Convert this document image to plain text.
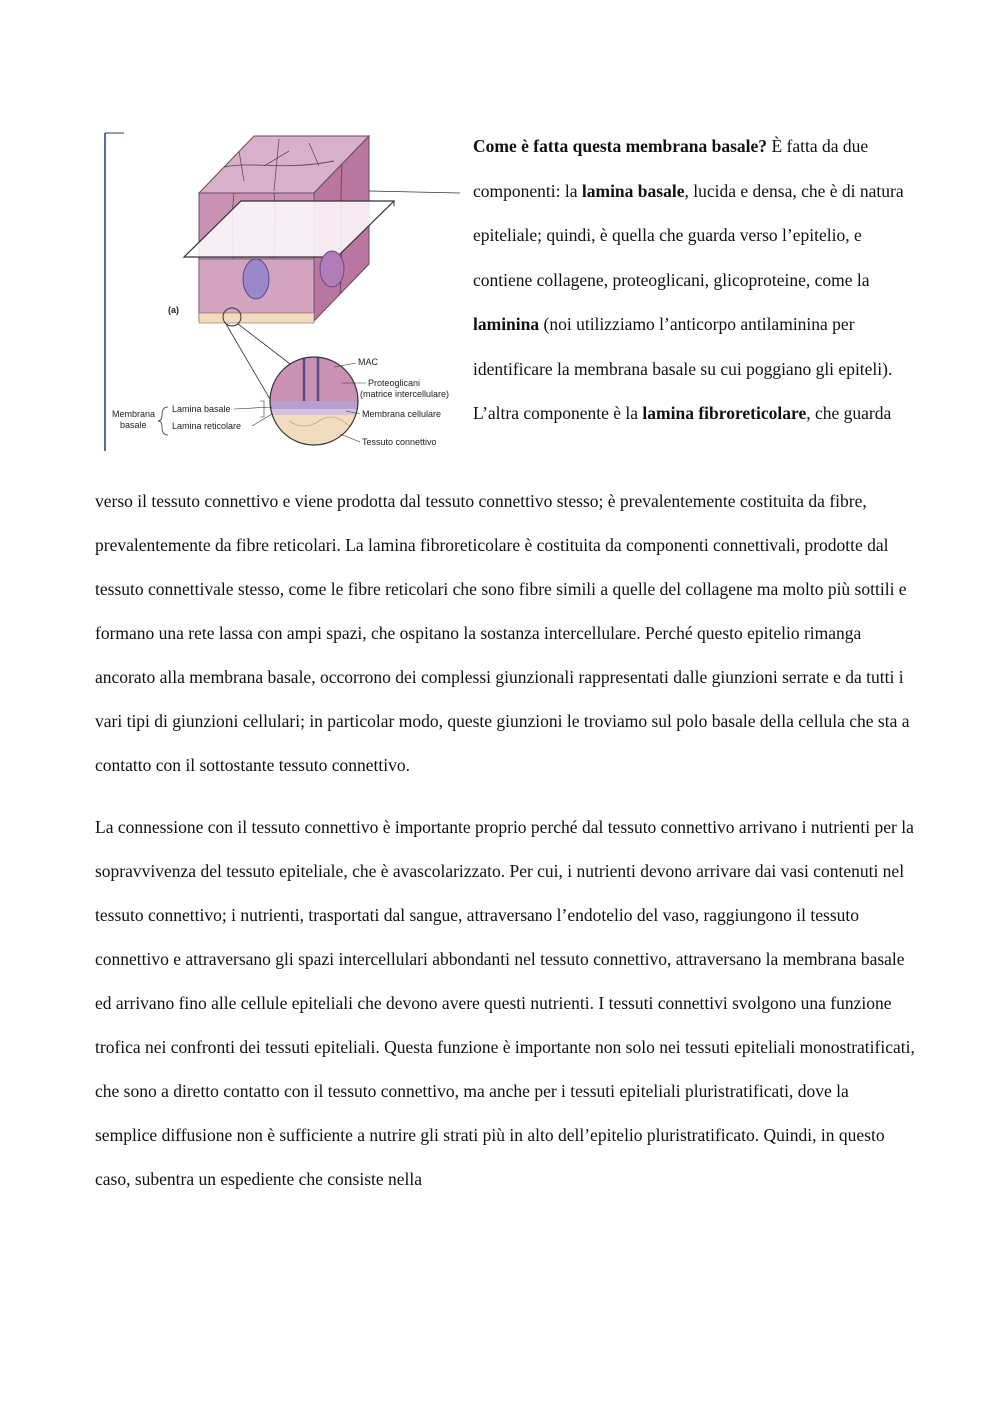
(a)
MAC
Proteoglicani
(matrice intercellulare)
Membrana cellulare
Tessuto connettivo
Membrana
basale
Lamina basale
Lamina reticolare

Come è fatta questa membrana basale? È fatta da due componenti: la lamina basale, lucida e densa, che è di natura epiteliale; quindi, è quella che guarda verso l’epitelio, e contiene collagene, proteoglicani, glicoproteine, come la laminina (noi utilizziamo l’anticorpo antilaminina per identificare la membrana basale su cui poggiano gli epiteli). L’altra componente è la lamina fibroreticolare, che guarda

verso il tessuto connettivo e viene prodotta dal tessuto connettivo stesso; è prevalentemente costituita da fibre, prevalentemente da fibre reticolari. La lamina fibroreticolare è costituita da componenti connettivali, prodotte dal tessuto connettivale stesso, come le fibre reticolari che sono fibre simili a quelle del collagene ma molto più sottili e formano una rete lassa con ampi spazi, che ospitano la sostanza intercellulare. Perché questo epitelio rimanga ancorato alla membrana basale, occorrono dei complessi giunzionali rappresentati dalle giunzioni serrate e da tutti i vari tipi di giunzioni cellulari; in particolar modo, queste giunzioni le troviamo sul polo basale della cellula che sta a contatto con il sottostante tessuto connettivo.

La connessione con il tessuto connettivo è importante proprio perché dal tessuto connettivo arrivano i nutrienti per la sopravvivenza del tessuto epiteliale, che è avascolarizzato. Per cui, i nutrienti devono arrivare dai vasi contenuti nel tessuto connettivo; i nutrienti, trasportati dal sangue, attraversano l’endotelio del vaso, raggiungono il tessuto connettivo e attraversano gli spazi intercellulari abbondanti nel tessuto connettivo, attraversano la membrana basale ed arrivano fino alle cellule epiteliali che devono avere questi nutrienti. I tessuti connettivi svolgono una funzione trofica nei confronti dei tessuti epiteliali. Questa funzione è importante non solo nei tessuti epiteliali monostratificati, che sono a diretto contatto con il tessuto connettivo, ma anche per i tessuti epiteliali pluristratificati, dove la semplice diffusione non è sufficiente a nutrire gli strati più in alto dell’epitelio pluristratificato. Quindi, in questo caso, subentra un espediente che consiste nella
